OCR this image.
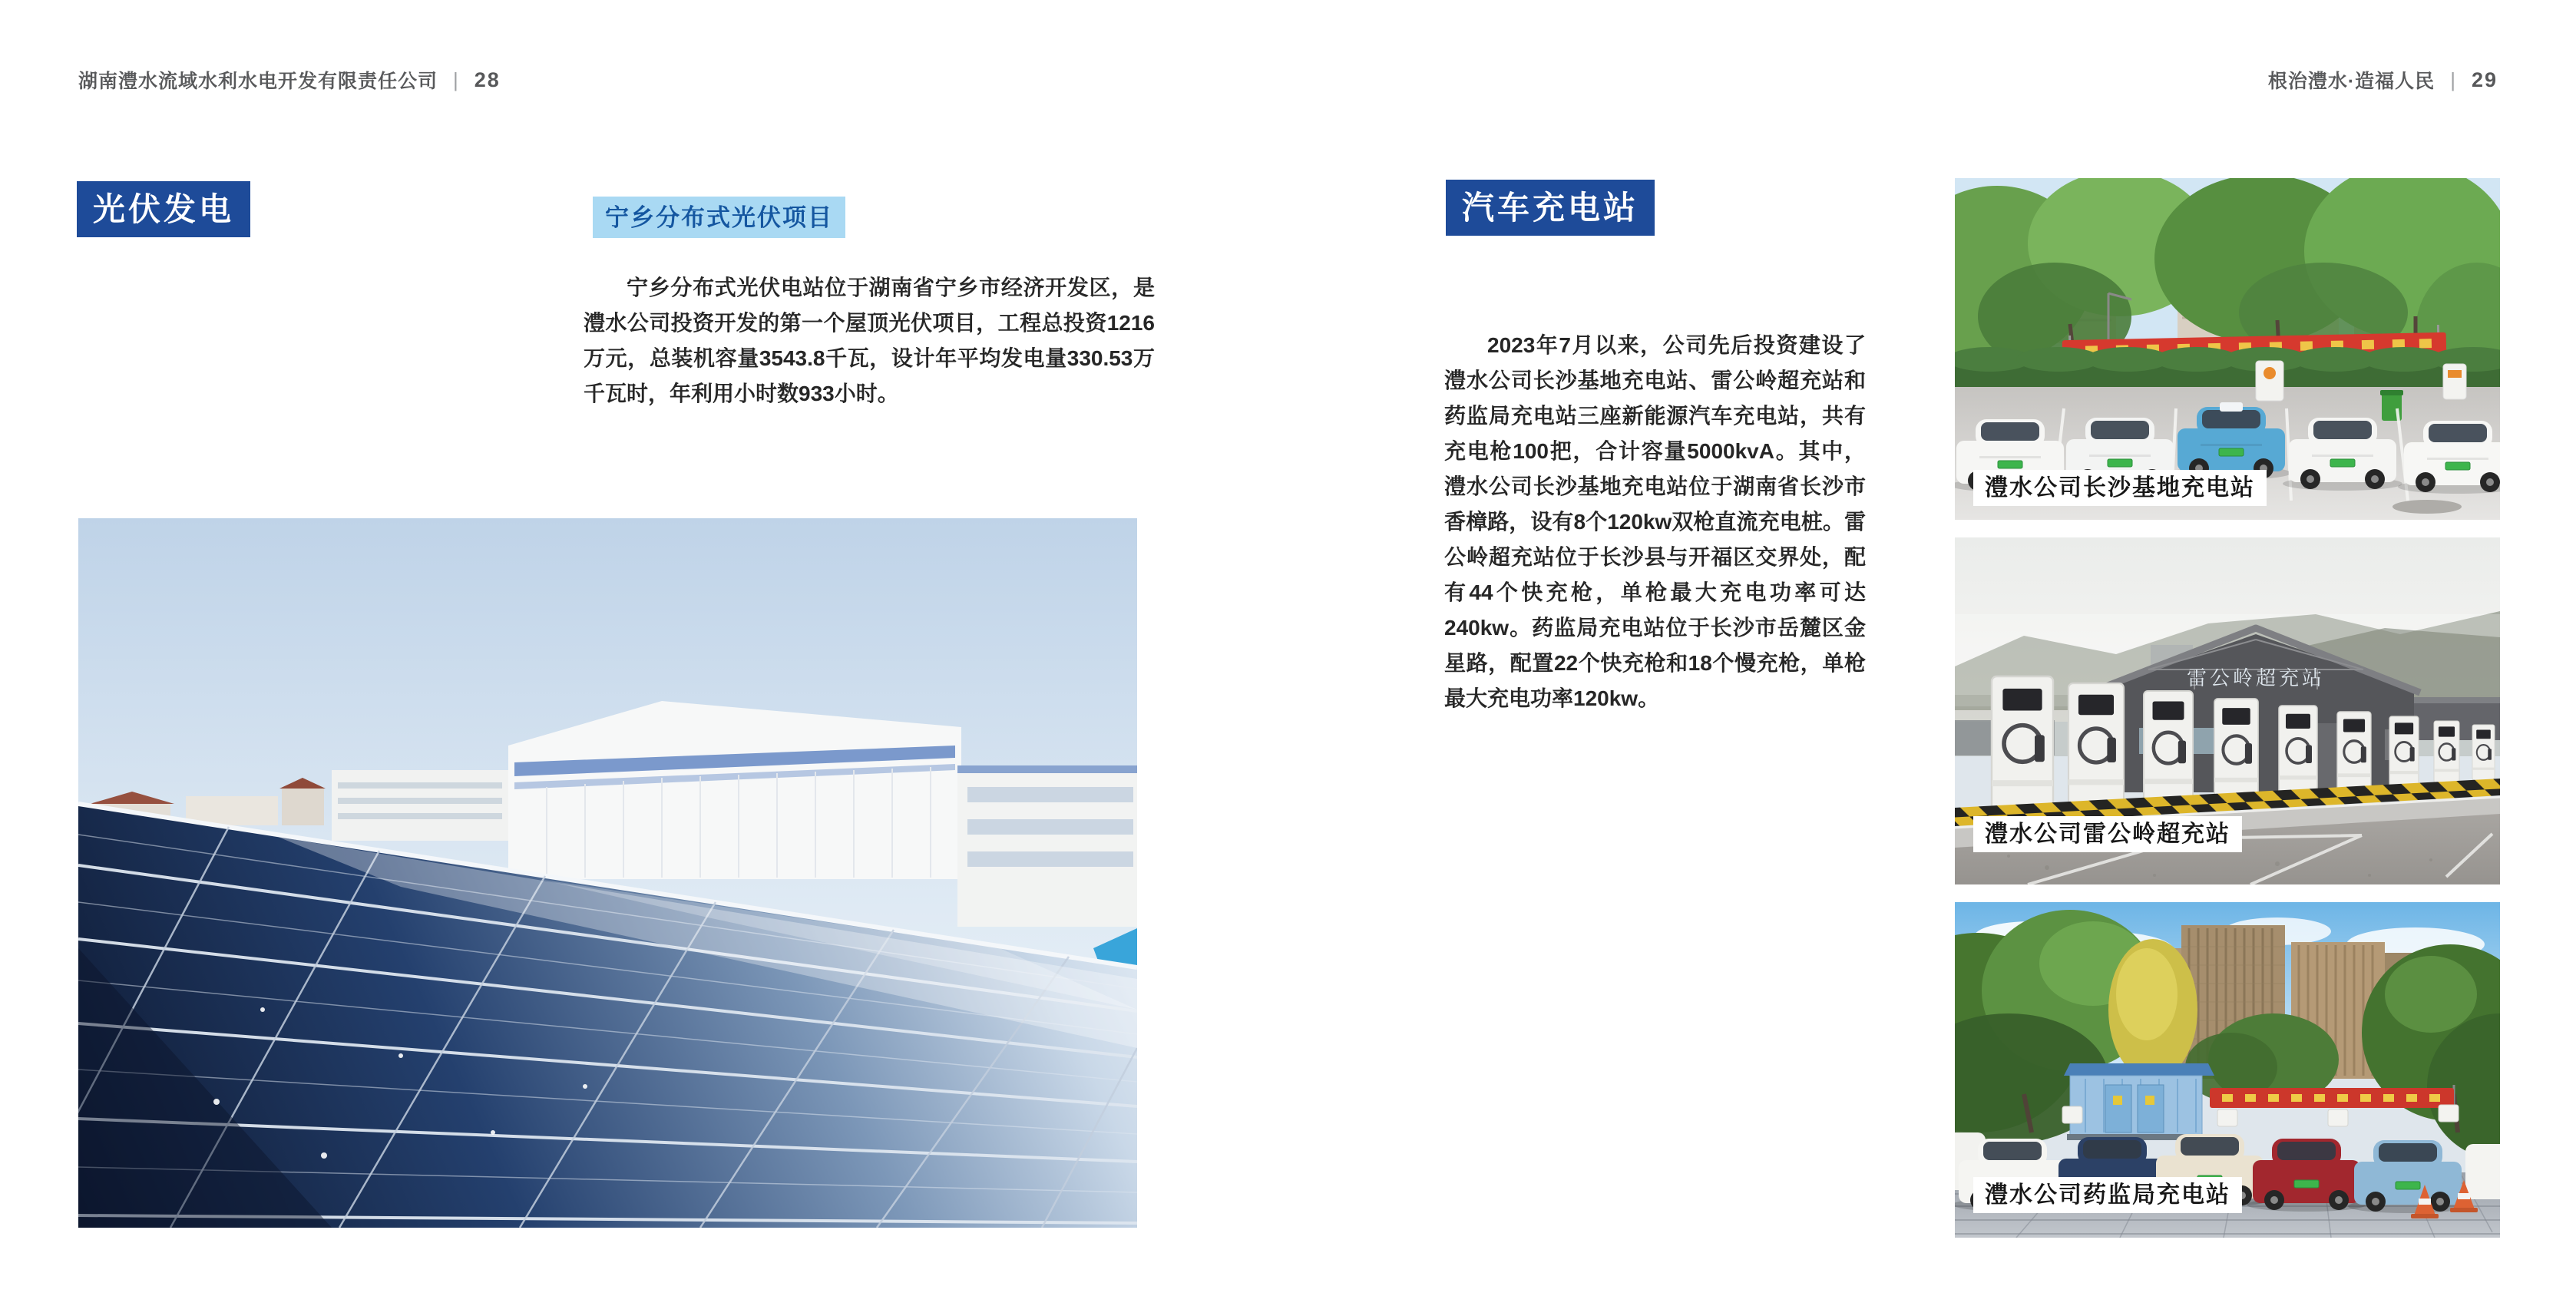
湖南澧水流域水利水电开发有限责任公司 | 28	根治澧水·造福人民 | 29
光伏发电	宁乡分布式光伏项目
宁乡分布式光伏电站位于湖南省宁乡市经济开发区，是澧水公司投资开发的第一个屋顶光伏项目，工程总投资1216万元，总装机容量3543.8千瓦，设计年平均发电量330.53万千瓦时，年利用小时数933小时。
汽车充电站
2023年7月以来，公司先后投资建设了澧水公司长沙基地充电站、雷公岭超充站和药监局充电站三座新能源汽车充电站，共有充电枪100把，合计容量5000kvA。其中，澧水公司长沙基地充电站位于湖南省长沙市香樟路，设有8个120kw双枪直流充电桩。雷公岭超充站位于长沙县与开福区交界处，配有44个快充枪，单枪最大充电功率可达240kw。药监局充电站位于长沙市岳麓区金星路，配置22个快充枪和18个慢充枪，单枪最大充电功率120kw。
澧水公司长沙基地充电站
雷公岭超充站
澧水公司雷公岭超充站
澧水公司药监局充电站
